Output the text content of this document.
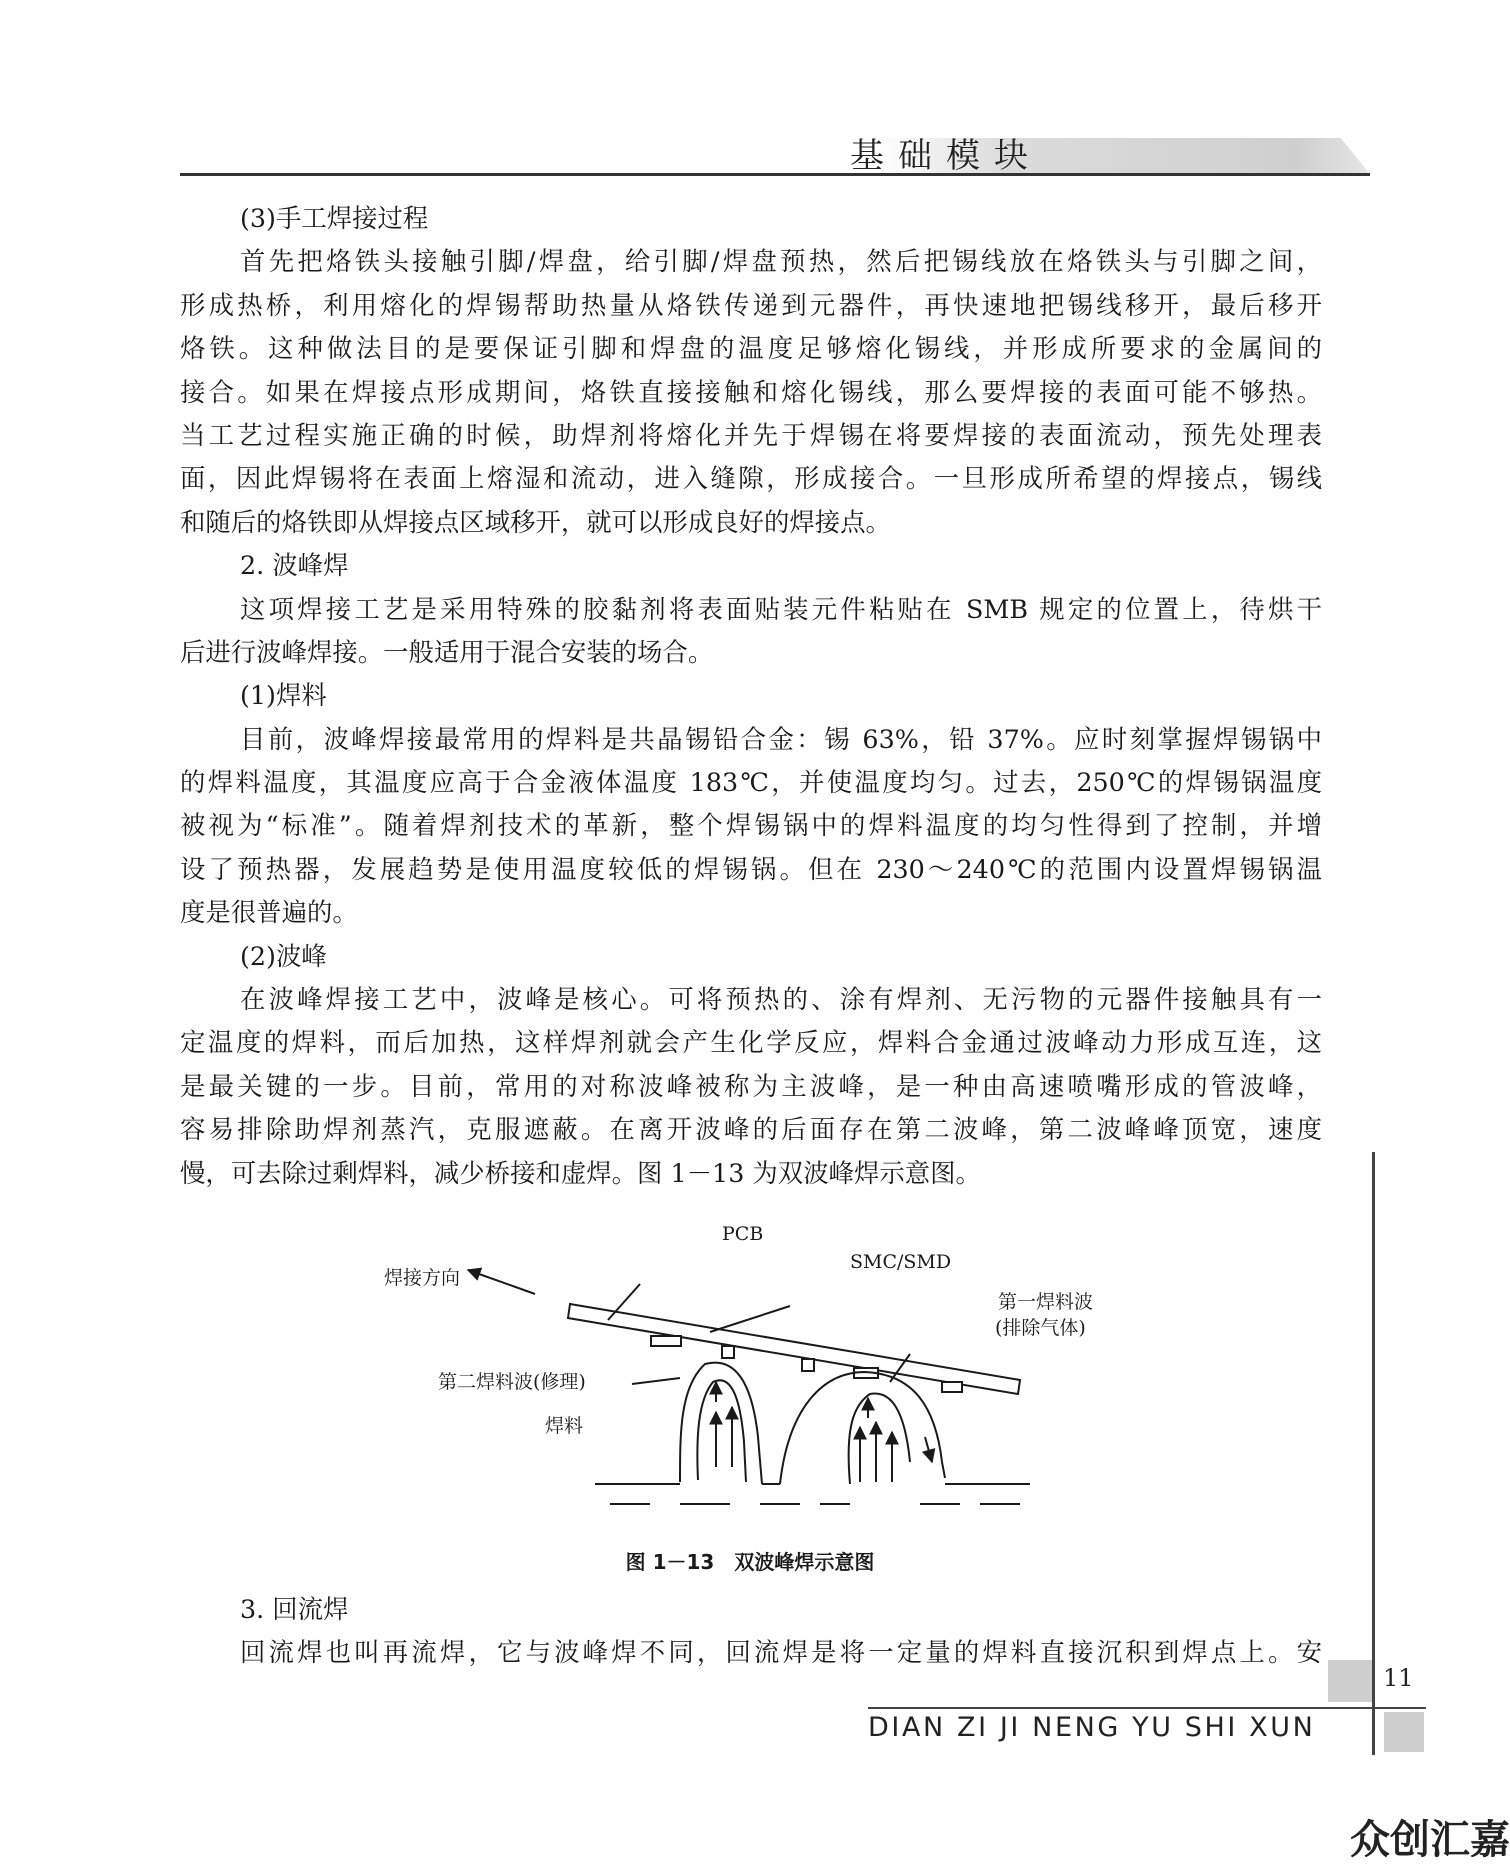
基础模块
(3)手工焊接过程
首先把烙铁头接触引脚/焊盘，给引脚/焊盘预热，然后把锡线放在烙铁头与引脚之间，
形成热桥，利用熔化的焊锡帮助热量从烙铁传递到元器件，再快速地把锡线移开，最后移开
烙铁。这种做法目的是要保证引脚和焊盘的温度足够熔化锡线，并形成所要求的金属间的
接合。如果在焊接点形成期间，烙铁直接接触和熔化锡线，那么要焊接的表面可能不够热。
当工艺过程实施正确的时候，助焊剂将熔化并先于焊锡在将要焊接的表面流动，预先处理表
面，因此焊锡将在表面上熔湿和流动，进入缝隙，形成接合。一旦形成所希望的焊接点，锡线
和随后的烙铁即从焊接点区域移开，就可以形成良好的焊接点。
2. 波峰焊
这项焊接工艺是采用特殊的胶黏剂将表面贴装元件粘贴在 SMB 规定的位置上，待烘干
后进行波峰焊接。一般适用于混合安装的场合。
(1)焊料
目前，波峰焊接最常用的焊料是共晶锡铅合金：锡 63%，铅 37%。应时刻掌握焊锡锅中
的焊料温度，其温度应高于合金液体温度 183℃，并使温度均匀。过去，250℃的焊锡锅温度
被视为“标准”。随着焊剂技术的革新，整个焊锡锅中的焊料温度的均匀性得到了控制，并增
设了预热器，发展趋势是使用温度较低的焊锡锅。但在 230～240℃的范围内设置焊锡锅温
度是很普遍的。
(2)波峰
在波峰焊接工艺中，波峰是核心。可将预热的、涂有焊剂、无污物的元器件接触具有一
定温度的焊料，而后加热，这样焊剂就会产生化学反应，焊料合金通过波峰动力形成互连，这
是最关键的一步。目前，常用的对称波峰被称为主波峰，是一种由高速喷嘴形成的管波峰，
容易排除助焊剂蒸汽，克服遮蔽。在离开波峰的后面存在第二波峰，第二波峰峰顶宽，速度
慢，可去除过剩焊料，减少桥接和虚焊。图 1－13 为双波峰焊示意图。
焊接方向
PCB
SMC/SMD
第一焊料波
(排除气体)
第二焊料波(修理)
焊料
图 1－13　双波峰焊示意图
3. 回流焊
回流焊也叫再流焊，它与波峰焊不同，回流焊是将一定量的焊料直接沉积到焊点上。安
11
DIAN ZI JI NENG YU SHI XUN
众创汇嘉
